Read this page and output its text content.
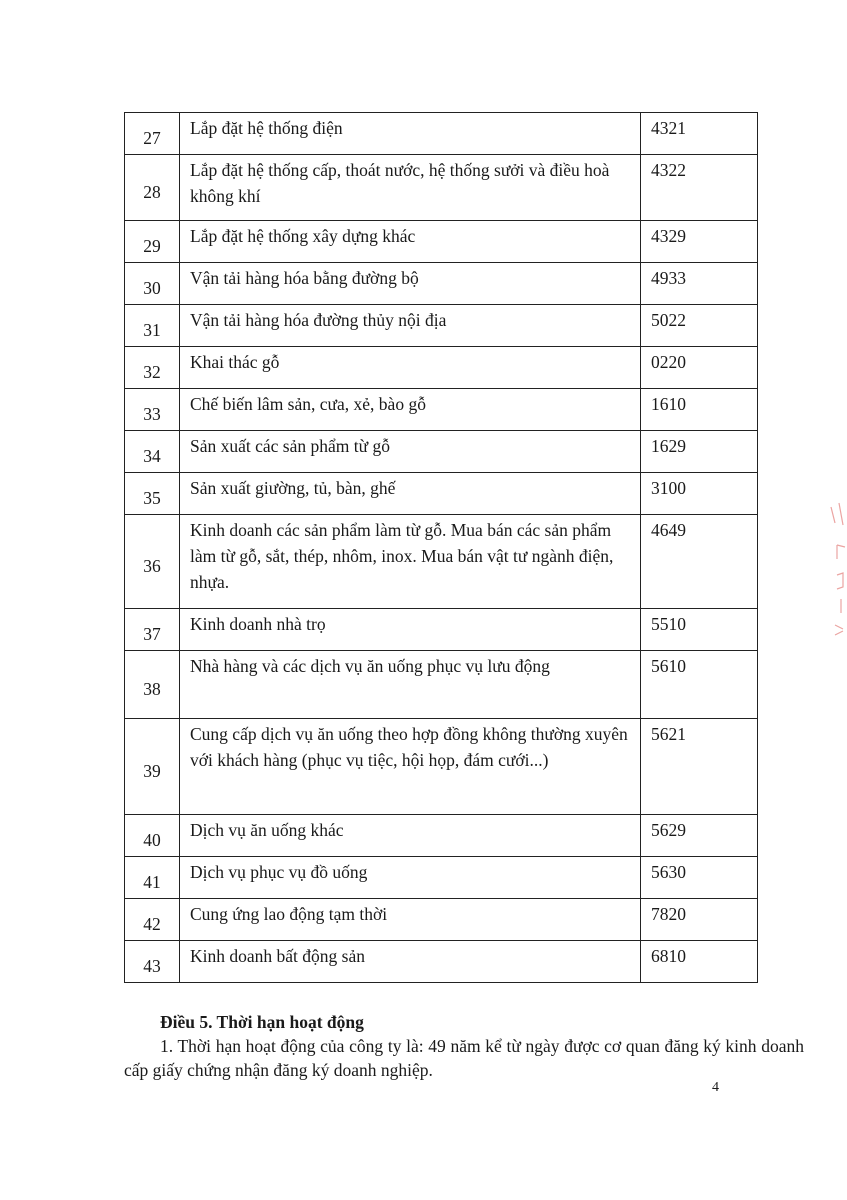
27	Lắp đặt hệ thống điện	4321
28	Lắp đặt hệ thống cấp, thoát nước, hệ thống sưởi và điều hoà không khí	4322
29	Lắp đặt hệ thống xây dựng khác	4329
30	Vận tải hàng hóa bằng đường bộ	4933
31	Vận tải hàng hóa đường thủy nội địa	5022
32	Khai thác gỗ	0220
33	Chế biến lâm sản, cưa, xẻ, bào gỗ	1610
34	Sản xuất các sản phẩm từ gỗ	1629
35	Sản xuất giường, tủ, bàn, ghế	3100
36	Kinh doanh các sản phẩm làm từ gỗ. Mua bán các sản phẩm làm từ gỗ, sắt, thép, nhôm, inox. Mua bán vật tư ngành điện, nhựa.	4649
37	Kinh doanh nhà trọ	5510
38	Nhà hàng và các dịch vụ ăn uống phục vụ lưu động	5610
39	Cung cấp dịch vụ ăn uống theo hợp đồng không thường xuyên với khách hàng (phục vụ tiệc, hội họp, đám cưới...)	5621
40	Dịch vụ ăn uống khác	5629
41	Dịch vụ phục vụ đồ uống	5630
42	Cung ứng lao động tạm thời	7820
43	Kinh doanh bất động sản	6810

Điều 5. Thời hạn hoạt động

1. Thời hạn hoạt động của công ty là: 49 năm kể từ ngày được cơ quan đăng ký kinh doanh cấp giấy chứng nhận đăng ký doanh nghiệp.

4
